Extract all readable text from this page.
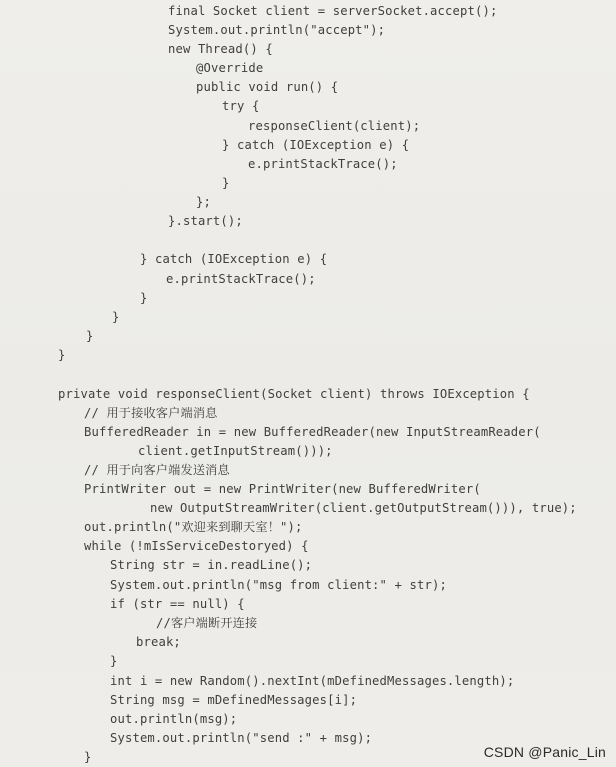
final Socket client = serverSocket.accept();
System.out.println("accept");
new Thread() {
@Override
public void run() {
try {
responseClient(client);
} catch (IOException e) {
e.printStackTrace();
}
};
}.start();
} catch (IOException e) {
e.printStackTrace();
}
}
}
}
private void responseClient(Socket client) throws IOException {
// 用于接收客户端消息
BufferedReader in = new BufferedReader(new InputStreamReader(
client.getInputStream()));
// 用于向客户端发送消息
PrintWriter out = new PrintWriter(new BufferedWriter(
new OutputStreamWriter(client.getOutputStream())), true);
out.println("欢迎来到聊天室！");
while (!mIsServiceDestoryed) {
String str = in.readLine();
System.out.println("msg from client:" + str);
if (str == null) {
//客户端断开连接
break;
}
int i = new Random().nextInt(mDefinedMessages.length);
String msg = mDefinedMessages[i];
out.println(msg);
System.out.println("send :" + msg);
}	CSDN @Panic_Lin
